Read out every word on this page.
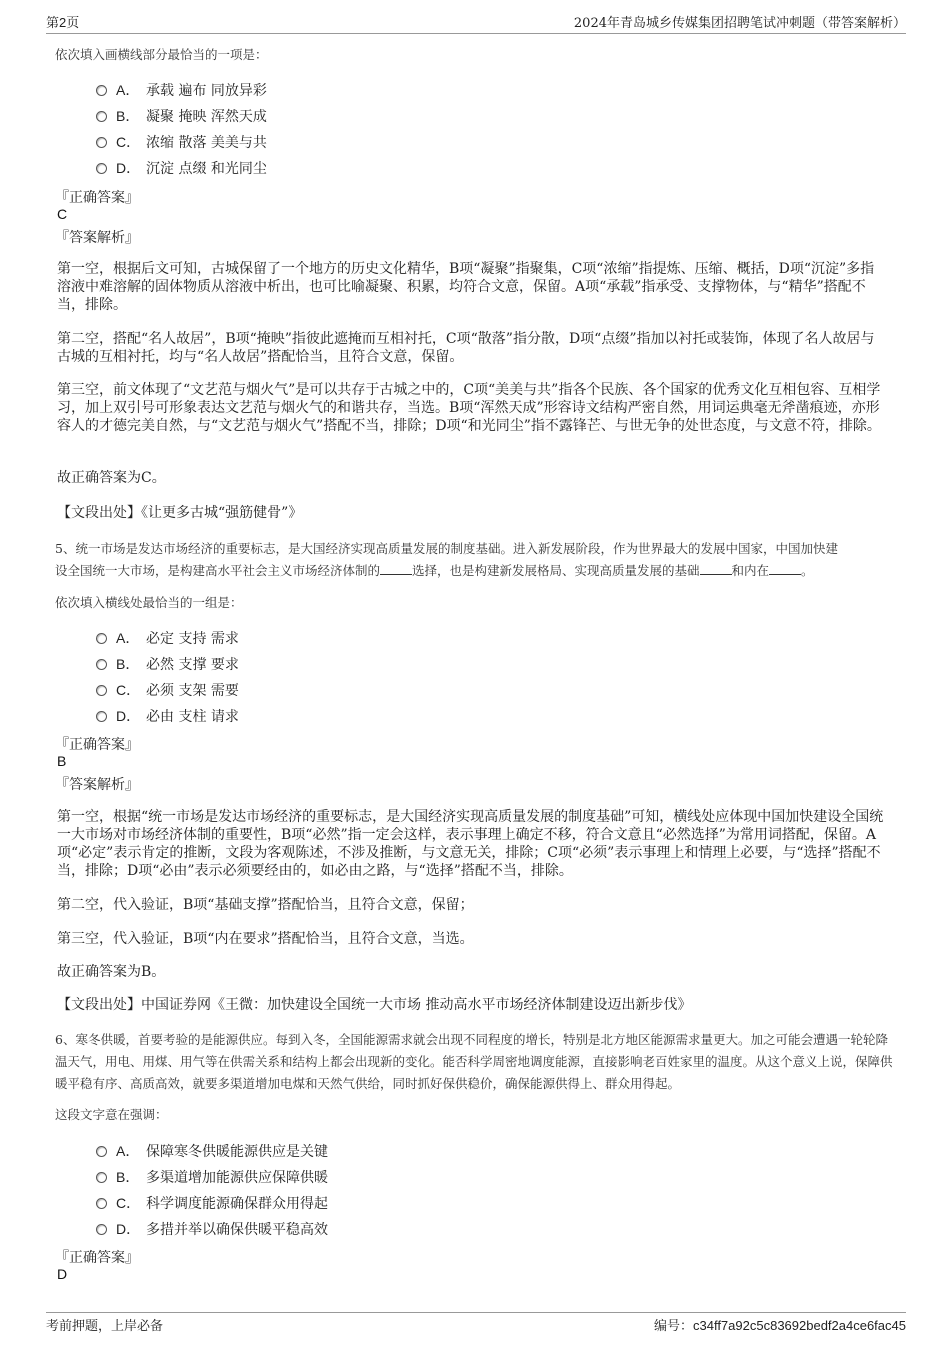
第2页	2024年青岛城乡传媒集团招聘笔试冲刺题（带答案解析）
依次填入画横线部分最恰当的一项是：
A． 承载 遍布 同放异彩
B． 凝聚 掩映 浑然天成
C． 浓缩 散落 美美与共
D． 沉淀 点缀 和光同尘
『正确答案』
C
『答案解析』
第一空，根据后文可知，古城保留了一个地方的历史文化精华，B项“凝聚”指聚集，C项“浓缩”指提炼、压缩、概括，D项“沉淀”多指溶液中难溶解的固体物质从溶液中析出，也可比喻凝聚、积累，均符合文意，保留。A项“承载”指承受、支撑物体，与“精华”搭配不当，排除。
第二空，搭配“名人故居”，B项“掩映”指彼此遮掩而互相衬托，C项“散落”指分散，D项“点缀”指加以衬托或装饰，体现了名人故居与古城的互相衬托，均与“名人故居”搭配恰当，且符合文意，保留。
第三空，前文体现了“文艺范与烟火气”是可以共存于古城之中的，C项“美美与共”指各个民族、各个国家的优秀文化互相包容、互相学习，加上双引号可形象表达文艺范与烟火气的和谐共存，当选。B项“浑然天成”形容诗文结构严密自然，用词运典毫无斧凿痕迹，亦形容人的才德完美自然，与“文艺范与烟火气”搭配不当，排除；D项“和光同尘”指不露锋芒、与世无争的处世态度，与文意不符，排除。
故正确答案为C。
【文段出处】《让更多古城“强筋健骨”》
5、统一市场是发达市场经济的重要标志，是大国经济实现高质量发展的制度基础。进入新发展阶段，作为世界最大的发展中国家，中国加快建
设全国统一大市场，是构建高水平社会主义市场经济体制的	选择，也是构建新发展格局、实现高质量发展的基础	和内在	。
依次填入横线处最恰当的一组是：
A． 必定 支持 需求
B． 必然 支撑 要求
C． 必须 支架 需要
D． 必由 支柱 请求
『正确答案』
B
『答案解析』
第一空，根据“统一市场是发达市场经济的重要标志，是大国经济实现高质量发展的制度基础”可知，横线处应体现中国加快建设全国统一大市场对市场经济体制的重要性，B项“必然”指一定会这样，表示事理上确定不移，符合文意且“必然选择”为常用词搭配，保留。A项“必定”表示肯定的推断，文段为客观陈述，不涉及推断，与文意无关，排除；C项“必须”表示事理上和情理上必要，与“选择”搭配不当，排除；D项“必由”表示必须要经由的，如必由之路，与“选择”搭配不当，排除。
第二空，代入验证，B项“基础支撑”搭配恰当，且符合文意，保留；
第三空，代入验证，B项“内在要求”搭配恰当，且符合文意，当选。
故正确答案为B。
【文段出处】中国证券网《王微：加快建设全国统一大市场 推动高水平市场经济体制建设迈出新步伐》
6、寒冬供暖，首要考验的是能源供应。每到入冬，全国能源需求就会出现不同程度的增长，特别是北方地区能源需求量更大。加之可能会遭遇一轮轮降温天气，用电、用煤、用气等在供需关系和结构上都会出现新的变化。能否科学周密地调度能源，直接影响老百姓家里的温度。从这个意义上说，保障供暖平稳有序、高质高效，就要多渠道增加电煤和天然气供给，同时抓好保供稳价，确保能源供得上、群众用得起。
这段文字意在强调：
A． 保障寒冬供暖能源供应是关键
B． 多渠道增加能源供应保障供暖
C． 科学调度能源确保群众用得起
D． 多措并举以确保供暖平稳高效
『正确答案』
D
考前押题，上岸必备	编号：c34ff7a92c5c83692bedf2a4ce6fac45
